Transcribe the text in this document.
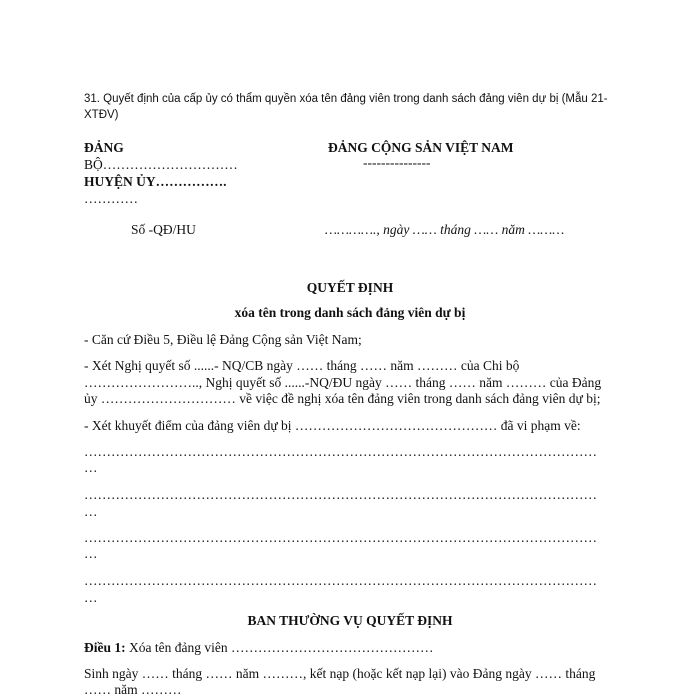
31. Quyết định của cấp ủy có thẩm quyền xóa tên đảng viên trong danh sách đảng viên dự bị (Mẫu 21-
XTĐV)
ĐẢNG
BỘ…………………………
HUYỆN ỦY…………….
…………
ĐẢNG CỘNG SẢN VIỆT NAM
---------------
Số -QĐ/HU	…………., ngày …… tháng …… năm ………
QUYẾT ĐỊNH
xóa tên trong danh sách đảng viên dự bị
- Căn cứ Điều 5, Điều lệ Đảng Cộng sản Việt Nam;
- Xét Nghị quyết số ......- NQ/CB ngày …… tháng …… năm ……… của Chi bộ
…………………….., Nghị quyết số ......-NQ/ĐU ngày …… tháng …… năm ……… của Đảng
ủy ………………………… về việc đề nghị xóa tên đảng viên trong danh sách đảng viên dự bị;
- Xét khuyết điểm của đảng viên dự bị ……………………………………… đã vi phạm về:
……………………………………………………………………………………………………
…
……………………………………………………………………………………………………
…
……………………………………………………………………………………………………
…
……………………………………………………………………………………………………
…
BAN THƯỜNG VỤ QUYẾT ĐỊNH
Điều 1: Xóa tên đảng viên ………………………………………
Sinh ngày …… tháng …… năm ………, kết nạp (hoặc kết nạp lại) vào Đảng ngày …… tháng
…… năm ………
